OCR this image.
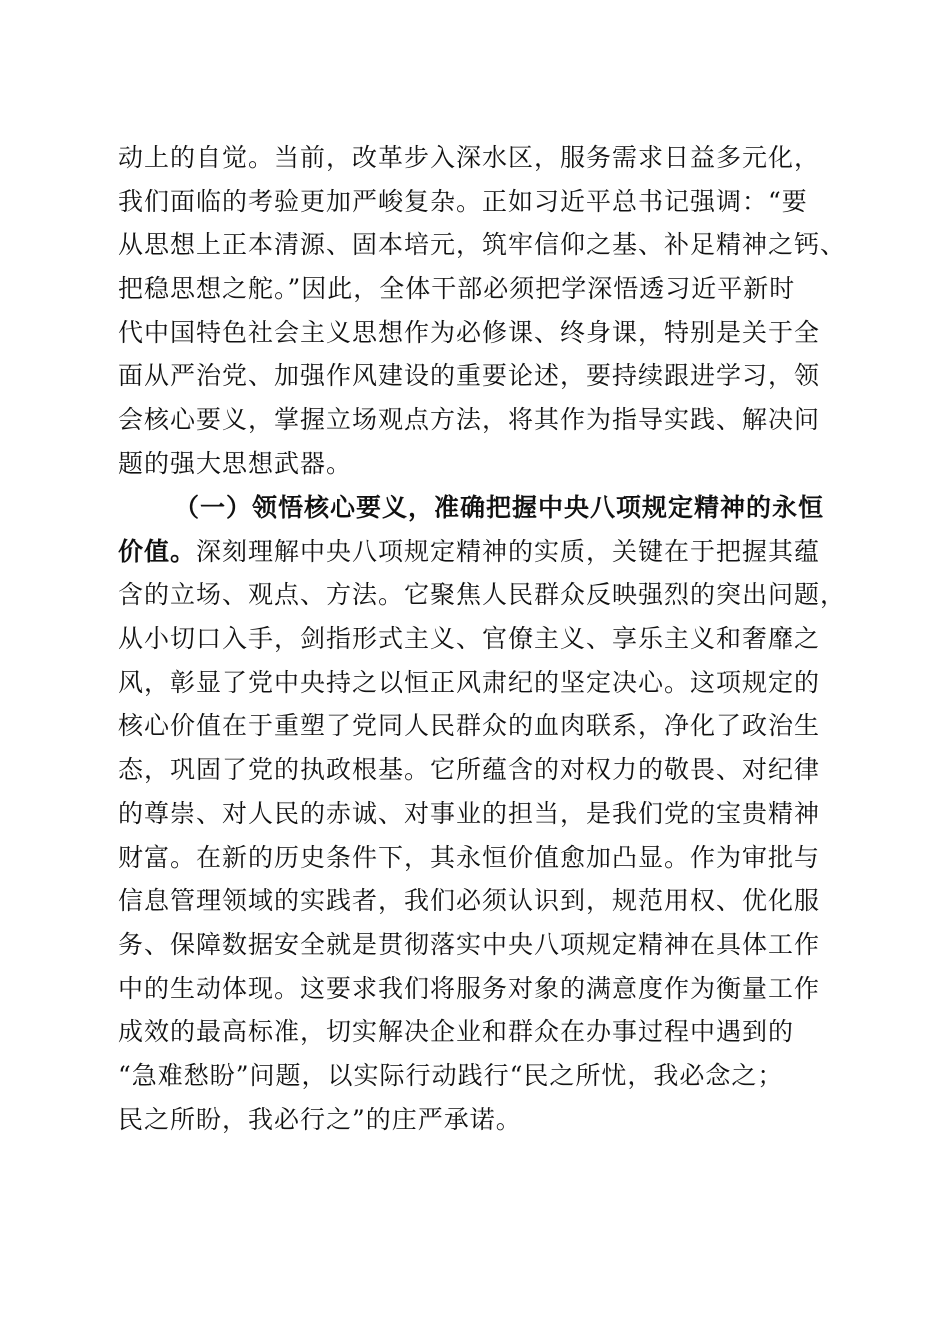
动上的自觉。当前，改革步入深水区，服务需求日益多元化，
我们面临的考验更加严峻复杂。正如习近平总书记强调：“要
从思想上正本清源、固本培元，筑牢信仰之基、补足精神之钙、
把稳思想之舵。”因此，全体干部必须把学深悟透习近平新时
代中国特色社会主义思想作为必修课、终身课，特别是关于全
面从严治党、加强作风建设的重要论述，要持续跟进学习，领
会核心要义，掌握立场观点方法，将其作为指导实践、解决问
题的强大思想武器。
（一）领悟核心要义，准确把握中央八项规定精神的永恒
价值。深刻理解中央八项规定精神的实质，关键在于把握其蕴
含的立场、观点、方法。它聚焦人民群众反映强烈的突出问题，
从小切口入手，剑指形式主义、官僚主义、享乐主义和奢靡之
风，彰显了党中央持之以恒正风肃纪的坚定决心。这项规定的
核心价值在于重塑了党同人民群众的血肉联系，净化了政治生
态，巩固了党的执政根基。它所蕴含的对权力的敬畏、对纪律
的尊崇、对人民的赤诚、对事业的担当，是我们党的宝贵精神
财富。在新的历史条件下，其永恒价值愈加凸显。作为审批与
信息管理领域的实践者，我们必须认识到，规范用权、优化服
务、保障数据安全就是贯彻落实中央八项规定精神在具体工作
中的生动体现。这要求我们将服务对象的满意度作为衡量工作
成效的最高标准，切实解决企业和群众在办事过程中遇到的
“急难愁盼”问题，以实际行动践行“民之所忧，我必念之；
民之所盼，我必行之”的庄严承诺。
